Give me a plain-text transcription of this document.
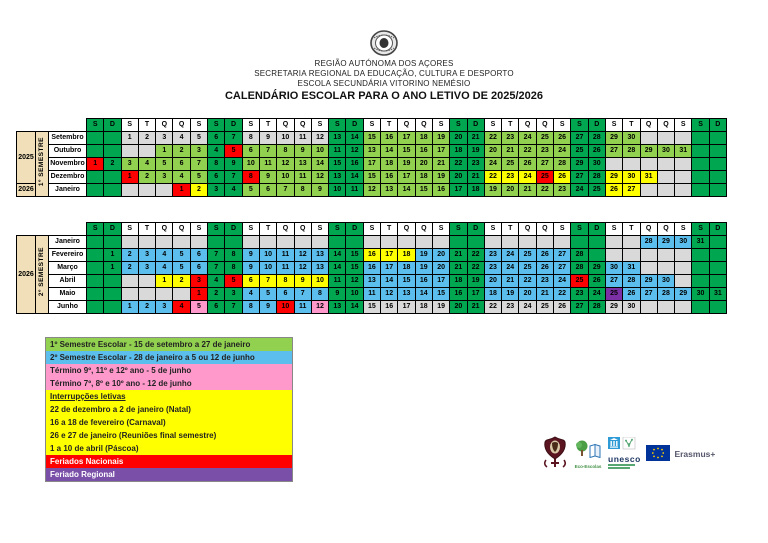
REGIÃO AUTÓNOMA DOS AÇORES
SECRETARIA REGIONAL DA EDUCAÇÃO, CULTURA E DESPORTO
ESCOLA SECUNDÁRIA VITORINO NEMÉSIO
CALENDÁRIO ESCOLAR PARA O ANO LETIVO DE 2025/2026
			S	D	S	T	Q	Q	S	S	D	S	T	Q	Q	S	S	D	S	T	Q	Q	S	S	D	S	T	Q	Q	S	S	D	S	T	Q	Q	S	S	D
2025	1º SEMESTRE	Setembro			1	2	3	4	5	6	7	8	9	10	11	12	13	14	15	16	17	18	19	20	21	22	23	24	25	26	27	28	29	30					
		Outubro					1	2	3	4	5	6	7	8	9	10	11	12	13	14	15	16	17	18	19	20	21	22	23	24	25	26	27	28	29	30	31		
		Novembro	1	2	3	4	5	6	7	8	9	10	11	12	13	14	15	16	17	18	19	20	21	22	23	24	25	26	27	28	29	30							
		Dezembro			1	2	3	4	5	6	7	8	9	10	11	12	13	14	15	16	17	18	19	20	21	22	23	24	25	26	27	28	29	30	31				
2026		Janeiro						1	2	3	4	5	6	7	8	9	10	11	12	13	14	15	16	17	18	19	20	21	22	23	24	25	26	27					
			S	D	S	T	Q	Q	S	S	D	S	T	Q	Q	S	S	D	S	T	Q	Q	S	S	D	S	T	Q	Q	S	S	D	S	T	Q	Q	S	S	D
2026	2º SEMESTRE	Janeiro																																	28	29	30	31	
		Fevereiro		1	2	3	4	5	6	7	8	9	10	11	12	13	14	15	16	17	18	19	20	21	22	23	24	25	26	27	28								
		Março		1	2	3	4	5	6	7	8	9	10	11	12	13	14	15	16	17	18	19	20	21	22	23	24	25	26	27	28	29	30	31					
		Abril					1	2	3	4	5	6	7	8	9	10	11	12	13	14	15	16	17	18	19	20	21	22	23	24	25	26	27	28	29	30			
		Maio							1	2	3	4	5	6	7	8	9	10	11	12	13	14	15	16	17	18	19	20	21	22	23	24	25	26	27	28	29	30	31
		Junho			1	2	3	4	5	6	7	8	9	10	11	12	13	14	15	16	17	18	19	20	21	22	23	24	25	26	27	28	29	30					
1º Semestre Escolar - 15 de setembro a 27 de janeiro
2º Semestre Escolar - 28 de janeiro a 5 ou 12 de junho
Término 9º, 11º e 12º ano - 5 de junho
Término 7º, 8º e 10º ano - 12 de junho
Interrupções letivas
22 de dezembro a 2 de janeiro (Natal)
16 a 18 de fevereiro (Carnaval)
26 e 27 de janeiro (Reuniões final semestre)
1 a 10 de abril (Páscoa)
Feriados Nacionais
Feriado Regional
Eco-Escolas
unesco	Erasmus+
